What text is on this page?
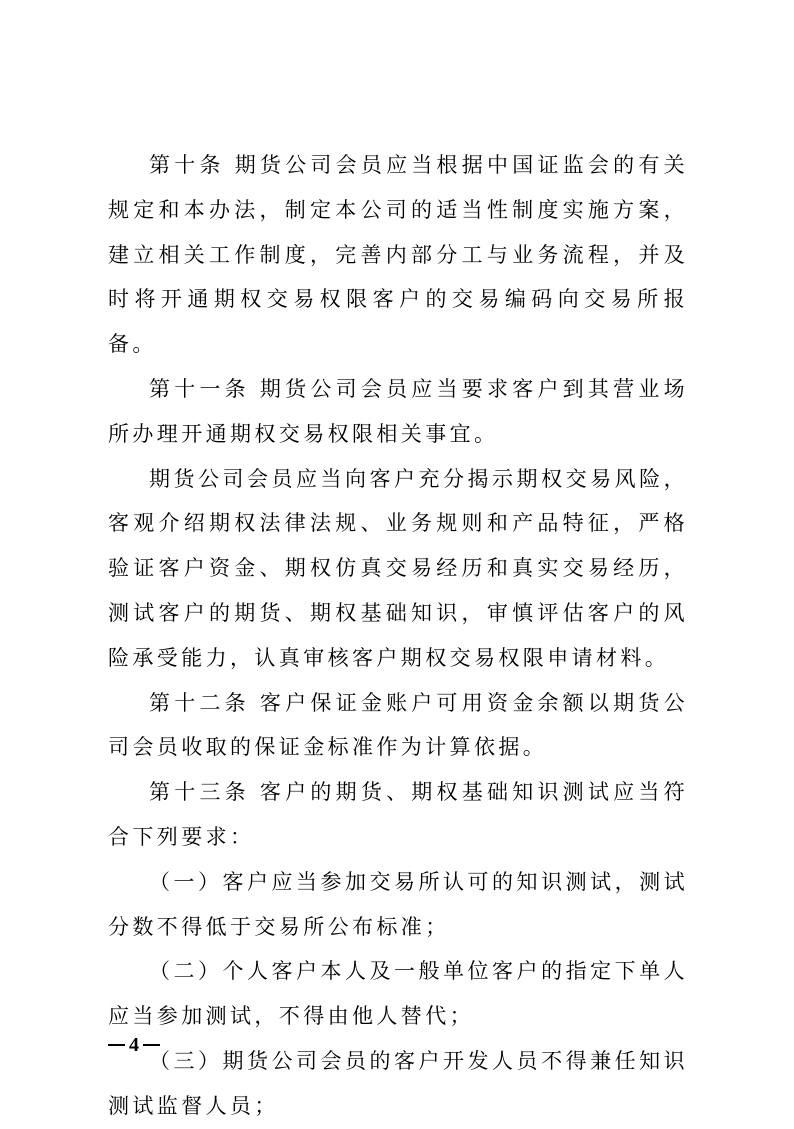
第十条 期货公司会员应当根据中国证监会的有关规定和本办法，制定本公司的适当性制度实施方案，建立相关工作制度，完善内部分工与业务流程，并及时将开通期权交易权限客户的交易编码向交易所报备。

第十一条 期货公司会员应当要求客户到其营业场所办理开通期权交易权限相关事宜。

期货公司会员应当向客户充分揭示期权交易风险，客观介绍期权法律法规、业务规则和产品特征，严格验证客户资金、期权仿真交易经历和真实交易经历，测试客户的期货、期权基础知识，审慎评估客户的风险承受能力，认真审核客户期权交易权限申请材料。

第十二条 客户保证金账户可用资金余额以期货公司会员收取的保证金标准作为计算依据。

第十三条 客户的期货、期权基础知识测试应当符合下列要求：

（一）客户应当参加交易所认可的知识测试，测试分数不得低于交易所公布标准；

（二）个人客户本人及一般单位客户的指定下单人应当参加测试，不得由他人替代；

（三）期货公司会员的客户开发人员不得兼任知识测试监督人员；

4
